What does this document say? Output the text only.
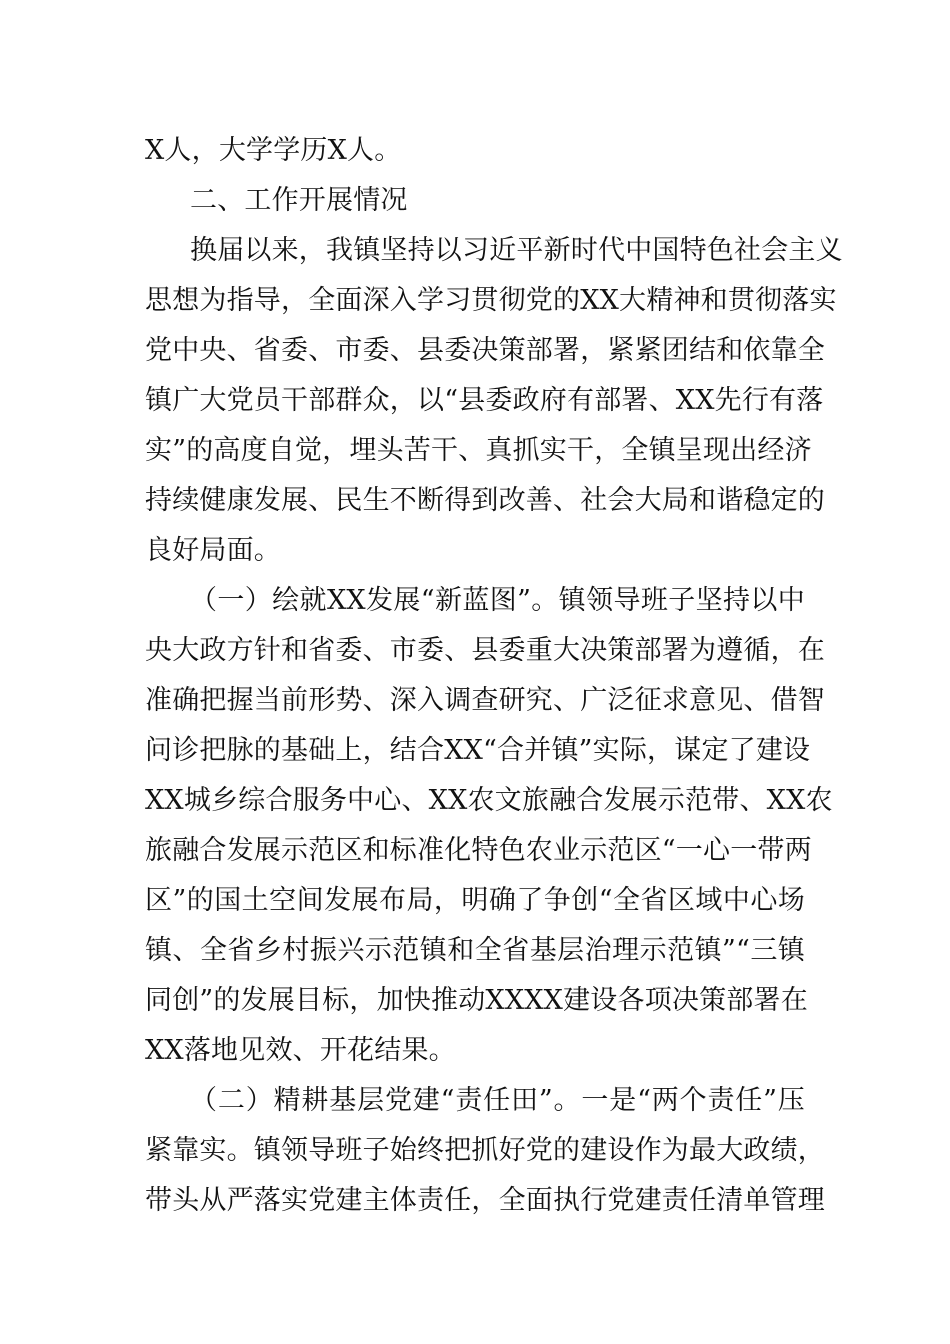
X人，大学学历X人。
二、工作开展情况
换届以来，我镇坚持以习近平新时代中国特色社会主义
思想为指导，全面深入学习贯彻党的XX大精神和贯彻落实
党中央、省委、市委、县委决策部署，紧紧团结和依靠全
镇广大党员干部群众，以“县委政府有部署、XX先行有落
实”的高度自觉，埋头苦干、真抓实干，全镇呈现出经济
持续健康发展、民生不断得到改善、社会大局和谐稳定的
良好局面。
（一）绘就XX发展“新蓝图”。镇领导班子坚持以中
央大政方针和省委、市委、县委重大决策部署为遵循，在
准确把握当前形势、深入调查研究、广泛征求意见、借智
问诊把脉的基础上，结合XX“合并镇”实际，谋定了建设
XX城乡综合服务中心、XX农文旅融合发展示范带、XX农
旅融合发展示范区和标准化特色农业示范区“一心一带两
区”的国土空间发展布局，明确了争创“全省区域中心场
镇、全省乡村振兴示范镇和全省基层治理示范镇”“三镇
同创”的发展目标，加快推动XXXX建设各项决策部署在
XX落地见效、开花结果。
（二）精耕基层党建“责任田”。一是“两个责任”压
紧靠实。镇领导班子始终把抓好党的建设作为最大政绩，
带头从严落实党建主体责任，全面执行党建责任清单管理
